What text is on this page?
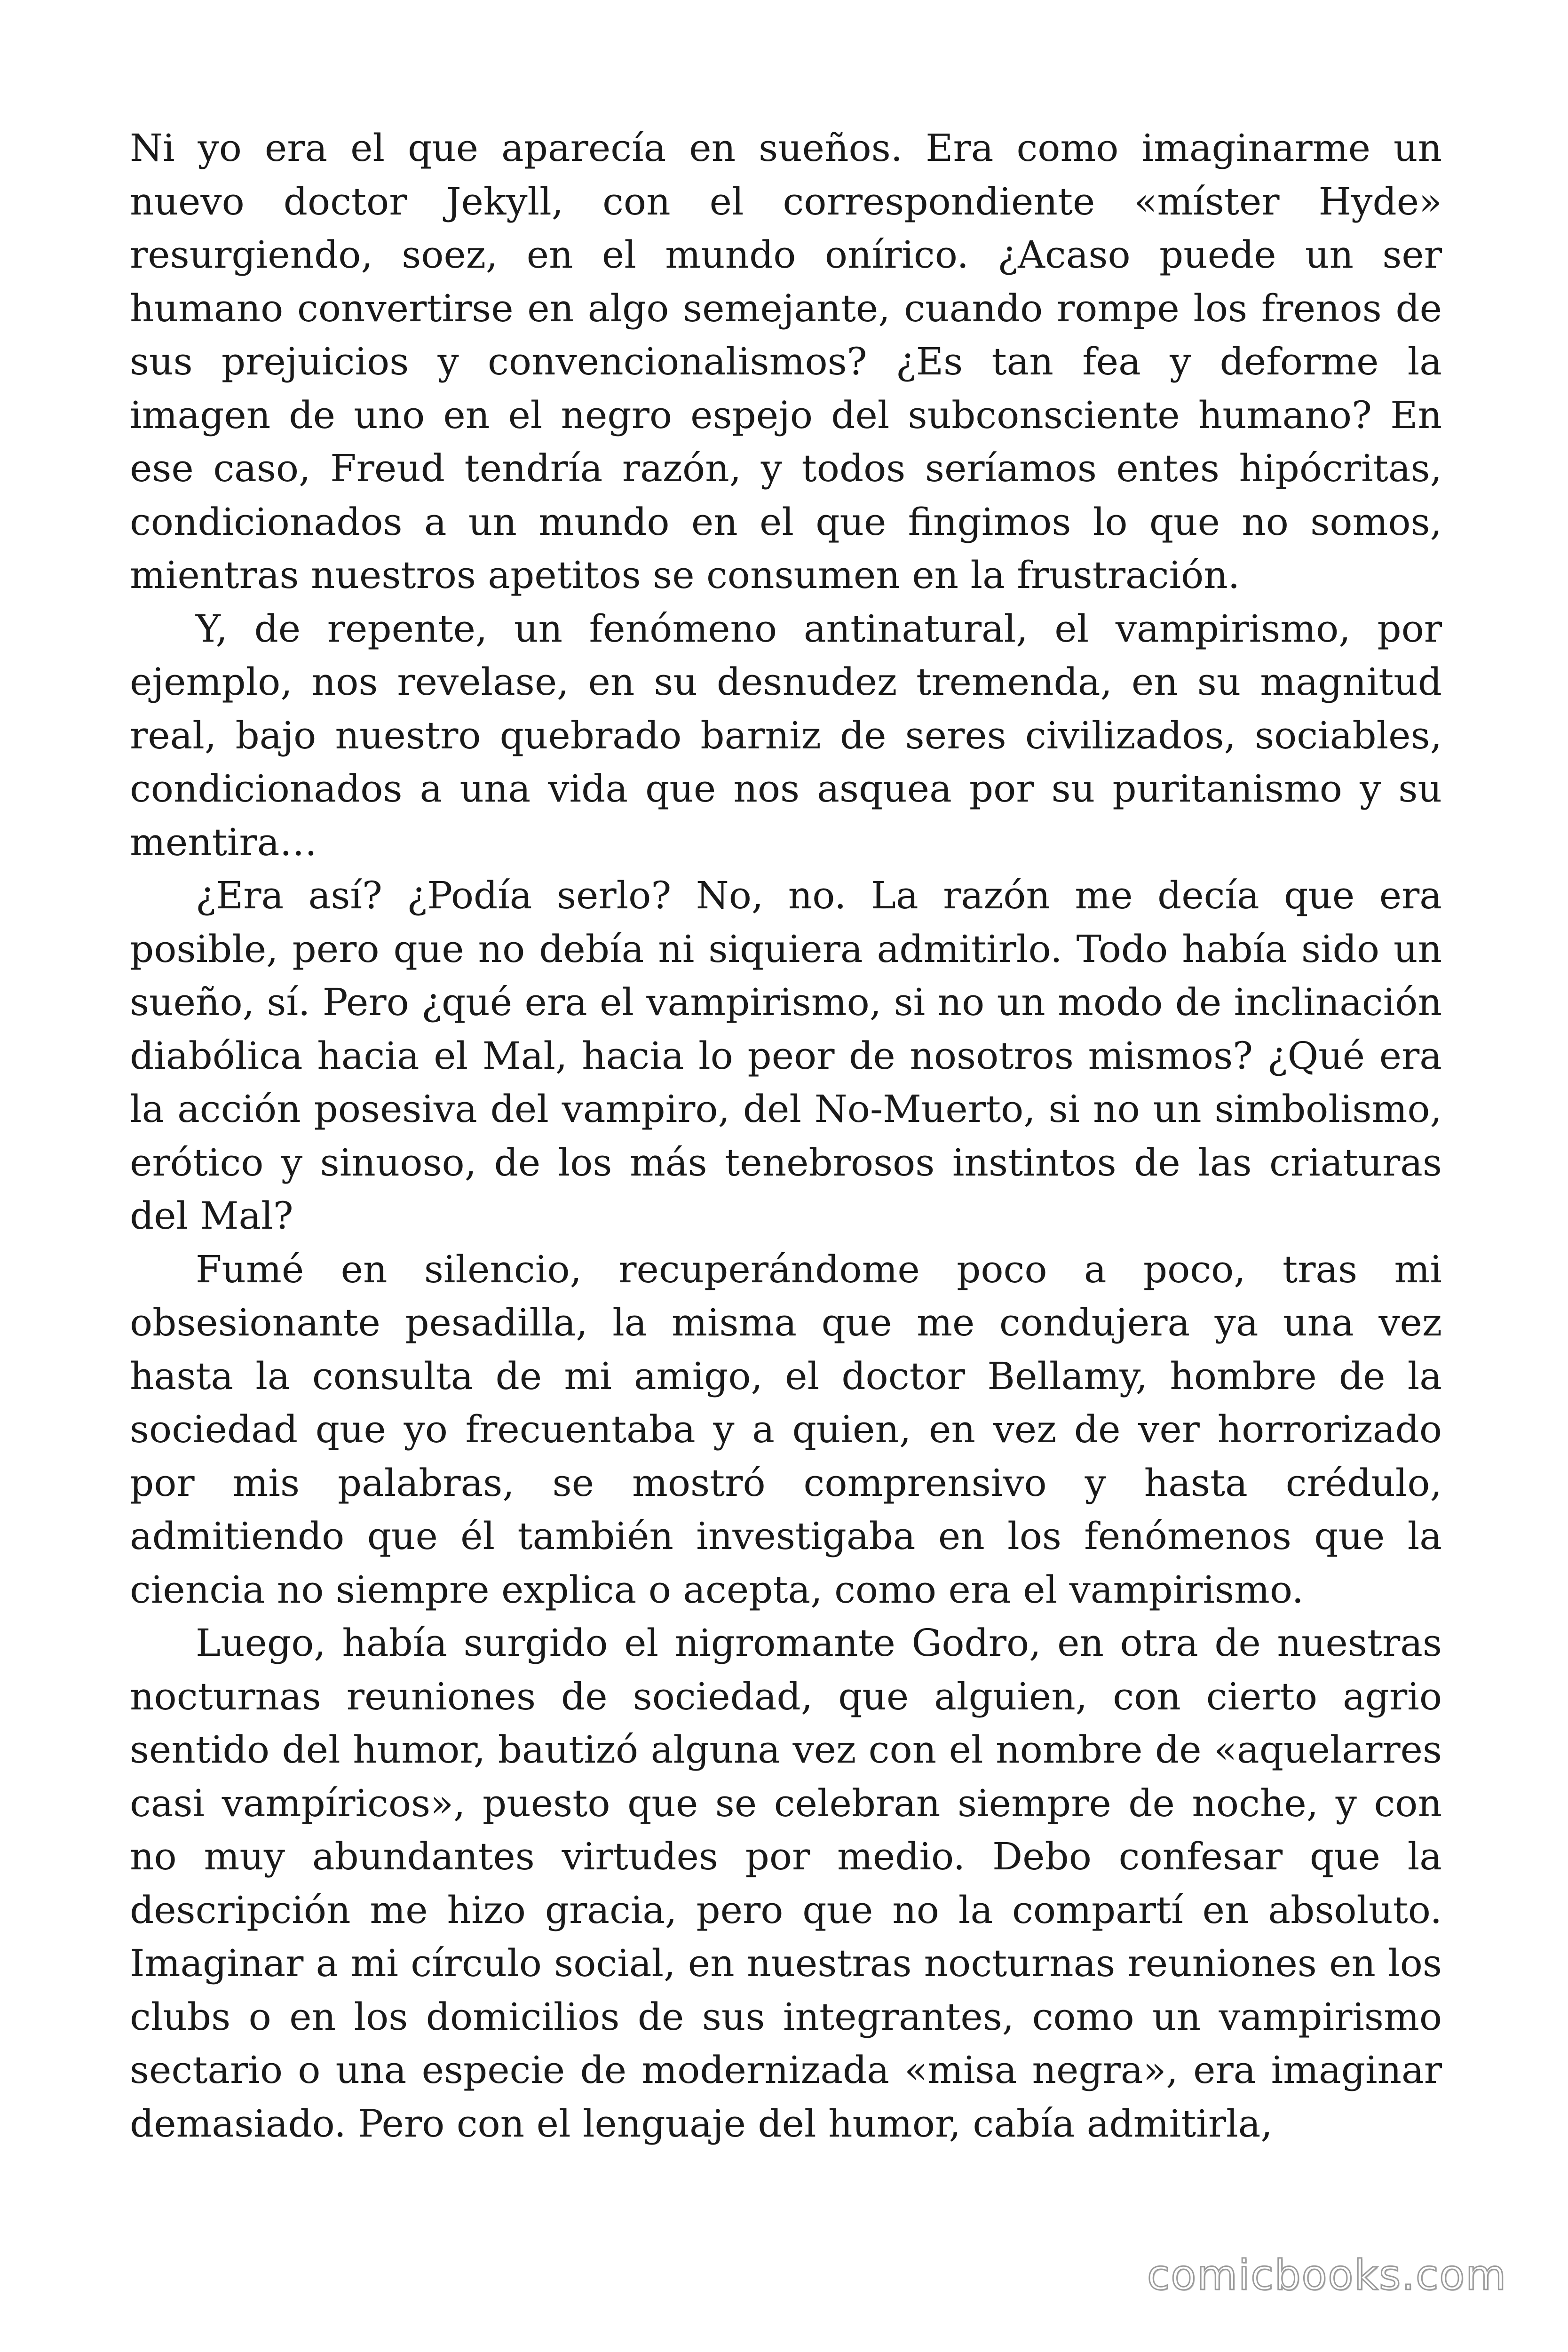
Ni yo era el que aparecía en sueños. Era como imaginarme un nuevo doctor Jekyll, con el correspondiente «míster Hyde» resurgiendo, soez, en el mundo onírico. ¿Acaso puede un ser humano convertirse en algo semejante, cuando rompe los frenos de sus prejuicios y convencionalismos? ¿Es tan fea y deforme la imagen de uno en el negro espejo del subconsciente humano? En ese caso, Freud tendría razón, y todos seríamos entes hipócritas, condicionados a un mundo en el que fingimos lo que no somos, mientras nuestros apetitos se consumen en la frustración.

Y, de repente, un fenómeno antinatural, el vampirismo, por ejemplo, nos revelase, en su desnudez tremenda, en su magnitud real, bajo nuestro quebrado barniz de seres civilizados, sociables, condicionados a una vida que nos asquea por su puritanismo y su mentira…

¿Era así? ¿Podía serlo? No, no. La razón me decía que era posible, pero que no debía ni siquiera admitirlo. Todo había sido un sueño, sí. Pero ¿qué era el vampirismo, si no un modo de inclinación diabólica hacia el Mal, hacia lo peor de nosotros mismos? ¿Qué era la acción posesiva del vampiro, del No-Muerto, si no un simbolismo, erótico y sinuoso, de los más tenebrosos instintos de las criaturas del Mal?

Fumé en silencio, recuperándome poco a poco, tras mi obsesionante pesadilla, la misma que me condujera ya una vez hasta la consulta de mi amigo, el doctor Bellamy, hombre de la sociedad que yo frecuentaba y a quien, en vez de ver horrorizado por mis palabras, se mostró comprensivo y hasta crédulo, admitiendo que él también investigaba en los fenómenos que la ciencia no siempre explica o acepta, como era el vampirismo.

Luego, había surgido el nigromante Godro, en otra de nuestras nocturnas reuniones de sociedad, que alguien, con cierto agrio sentido del humor, bautizó alguna vez con el nombre de «aquelarres casi vampíricos», puesto que se celebran siempre de noche, y con no muy abundantes virtudes por medio. Debo confesar que la descripción me hizo gracia, pero que no la compartí en absoluto. Imaginar a mi círculo social, en nuestras nocturnas reuniones en los clubs o en los domicilios de sus integrantes, como un vampirismo sectario o una especie de modernizada «misa negra», era imaginar demasiado. Pero con el lenguaje del humor, cabía admitirla,

comicbooks.com
